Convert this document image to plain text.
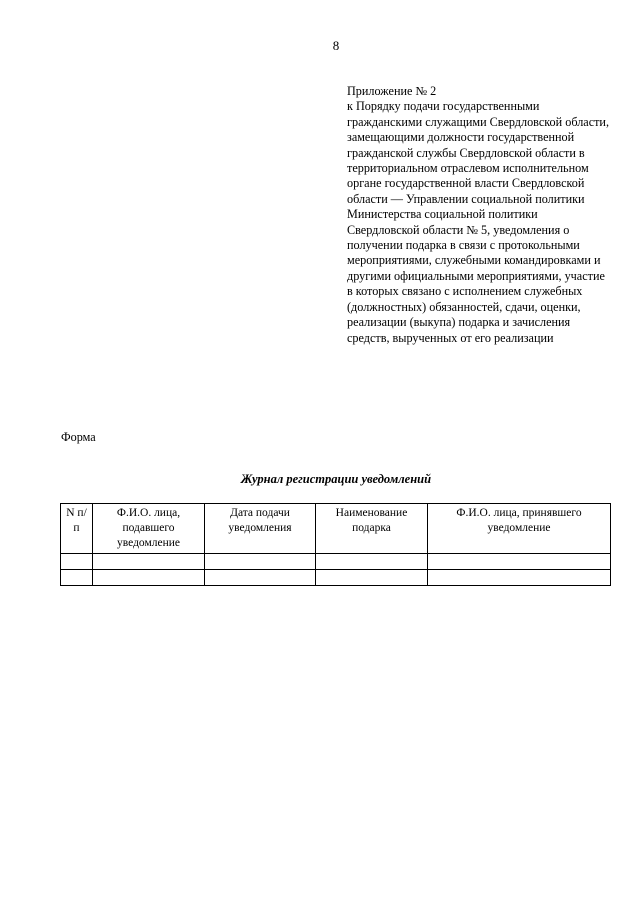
8
Приложение № 2
к Порядку подачи государственными гражданскими служащими Свердловской области, замещающими должности государственной гражданской службы Свердловской области в территориальном отраслевом исполнительном органе государственной власти Свердловской области — Управлении социальной политики Министерства социальной политики Свердловской области № 5, уведомления о получении подарка в связи с протокольными мероприятиями, служебными командировками и другими официальными мероприятиями, участие в которых связано с исполнением служебных (должностных) обязанностей, сдачи, оценки, реализации (выкупа) подарка и зачисления средств, вырученных от его реализации
Форма
Журнал регистрации уведомлений
N п/п	Ф.И.О. лица, подавшего уведомление	Дата подачи уведомления	Наименование подарка	Ф.И.О. лица, принявшего уведомление
